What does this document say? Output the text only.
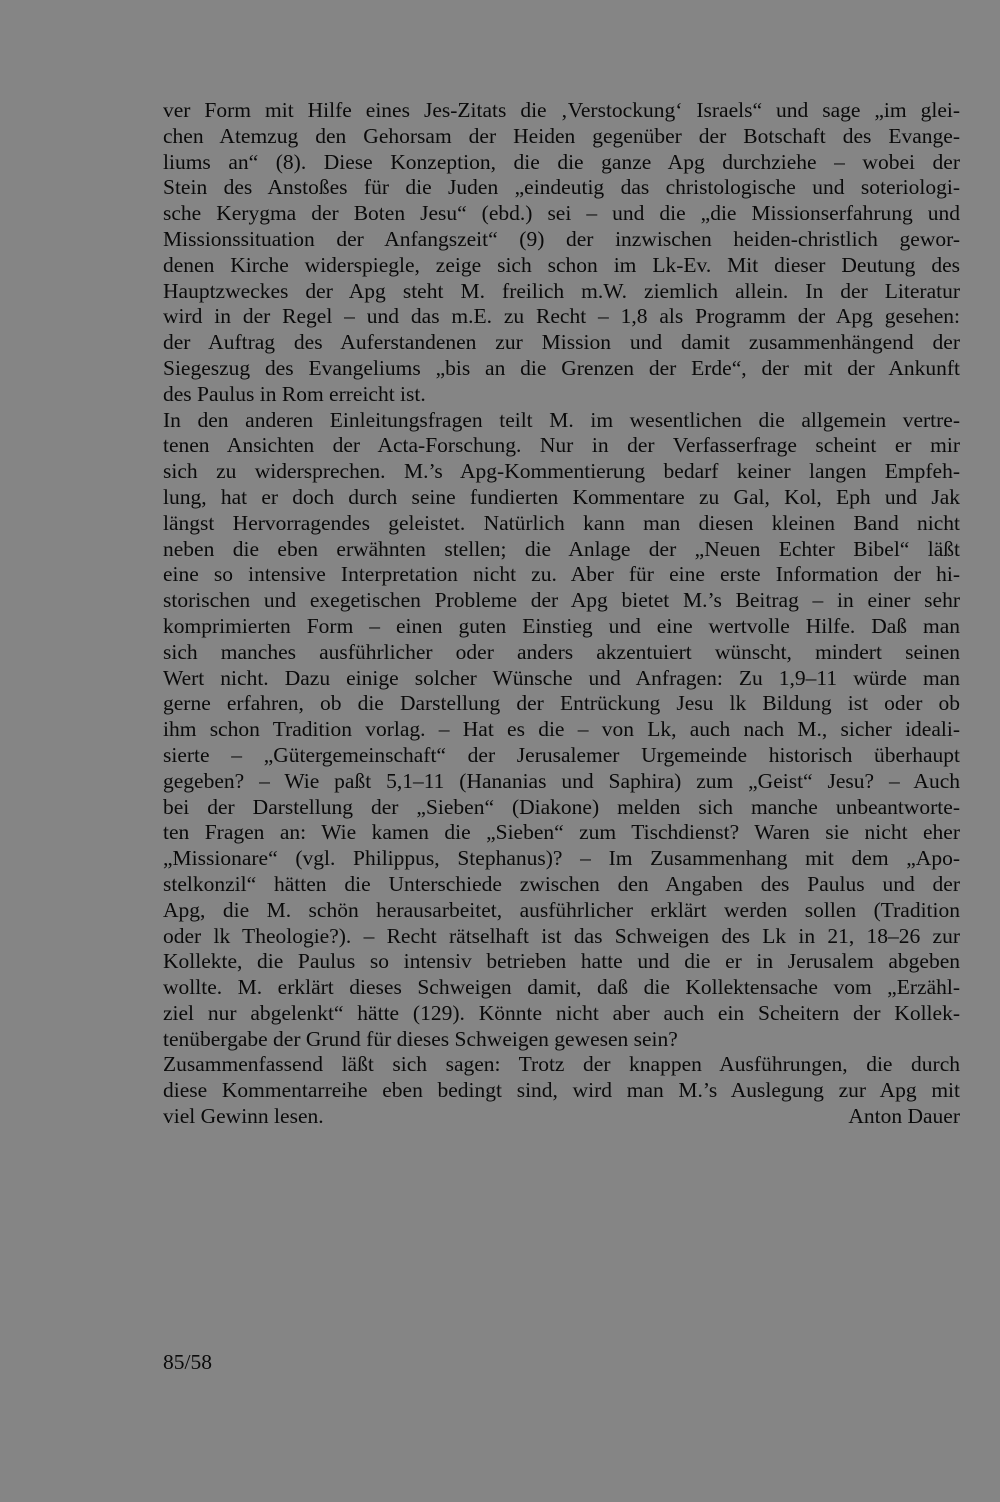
ver Form mit Hilfe eines Jes-Zitats die ‚Verstockung‘ Israels“ und sage „im glei-
chen Atemzug den Gehorsam der Heiden gegenüber der Botschaft des Evange-
liums an“ (8). Diese Konzeption, die die ganze Apg durchziehe – wobei der
Stein des Anstoßes für die Juden „eindeutig das christologische und soteriologi-
sche Kerygma der Boten Jesu“ (ebd.) sei – und die „die Missionserfahrung und
Missionssituation der Anfangszeit“ (9) der inzwischen heiden-christlich gewor-
denen Kirche widerspiegle, zeige sich schon im Lk-Ev. Mit dieser Deutung des
Hauptzweckes der Apg steht M. freilich m.W. ziemlich allein. In der Literatur
wird in der Regel – und das m.E. zu Recht – 1,8 als Programm der Apg gesehen:
der Auftrag des Auferstandenen zur Mission und damit zusammenhängend der
Siegeszug des Evangeliums „bis an die Grenzen der Erde“, der mit der Ankunft
des Paulus in Rom erreicht ist.
In den anderen Einleitungsfragen teilt M. im wesentlichen die allgemein vertre-
tenen Ansichten der Acta-Forschung. Nur in der Verfasserfrage scheint er mir
sich zu widersprechen. M.’s Apg-Kommentierung bedarf keiner langen Empfeh-
lung, hat er doch durch seine fundierten Kommentare zu Gal, Kol, Eph und Jak
längst Hervorragendes geleistet. Natürlich kann man diesen kleinen Band nicht
neben die eben erwähnten stellen; die Anlage der „Neuen Echter Bibel“ läßt
eine so intensive Interpretation nicht zu. Aber für eine erste Information der hi-
storischen und exegetischen Probleme der Apg bietet M.’s Beitrag – in einer sehr
komprimierten Form – einen guten Einstieg und eine wertvolle Hilfe. Daß man
sich manches ausführlicher oder anders akzentuiert wünscht, mindert seinen
Wert nicht. Dazu einige solcher Wünsche und Anfragen: Zu 1,9–11 würde man
gerne erfahren, ob die Darstellung der Entrückung Jesu lk Bildung ist oder ob
ihm schon Tradition vorlag. – Hat es die – von Lk, auch nach M., sicher ideali-
sierte – „Gütergemeinschaft“ der Jerusalemer Urgemeinde historisch überhaupt
gegeben? – Wie paßt 5,1–11 (Hananias und Saphira) zum „Geist“ Jesu? – Auch
bei der Darstellung der „Sieben“ (Diakone) melden sich manche unbeantworte-
ten Fragen an: Wie kamen die „Sieben“ zum Tischdienst? Waren sie nicht eher
„Missionare“ (vgl. Philippus, Stephanus)? – Im Zusammenhang mit dem „Apo-
stelkonzil“ hätten die Unterschiede zwischen den Angaben des Paulus und der
Apg, die M. schön herausarbeitet, ausführlicher erklärt werden sollen (Tradition
oder lk Theologie?). – Recht rätselhaft ist das Schweigen des Lk in 21, 18–26 zur
Kollekte, die Paulus so intensiv betrieben hatte und die er in Jerusalem abgeben
wollte. M. erklärt dieses Schweigen damit, daß die Kollektensache vom „Erzähl-
ziel nur abgelenkt“ hätte (129). Könnte nicht aber auch ein Scheitern der Kollek-
tenübergabe der Grund für dieses Schweigen gewesen sein?
Zusammenfassend läßt sich sagen: Trotz der knappen Ausführungen, die durch
diese Kommentarreihe eben bedingt sind, wird man M.’s Auslegung zur Apg mit
viel Gewinn lesen.	Anton Dauer
85/58
